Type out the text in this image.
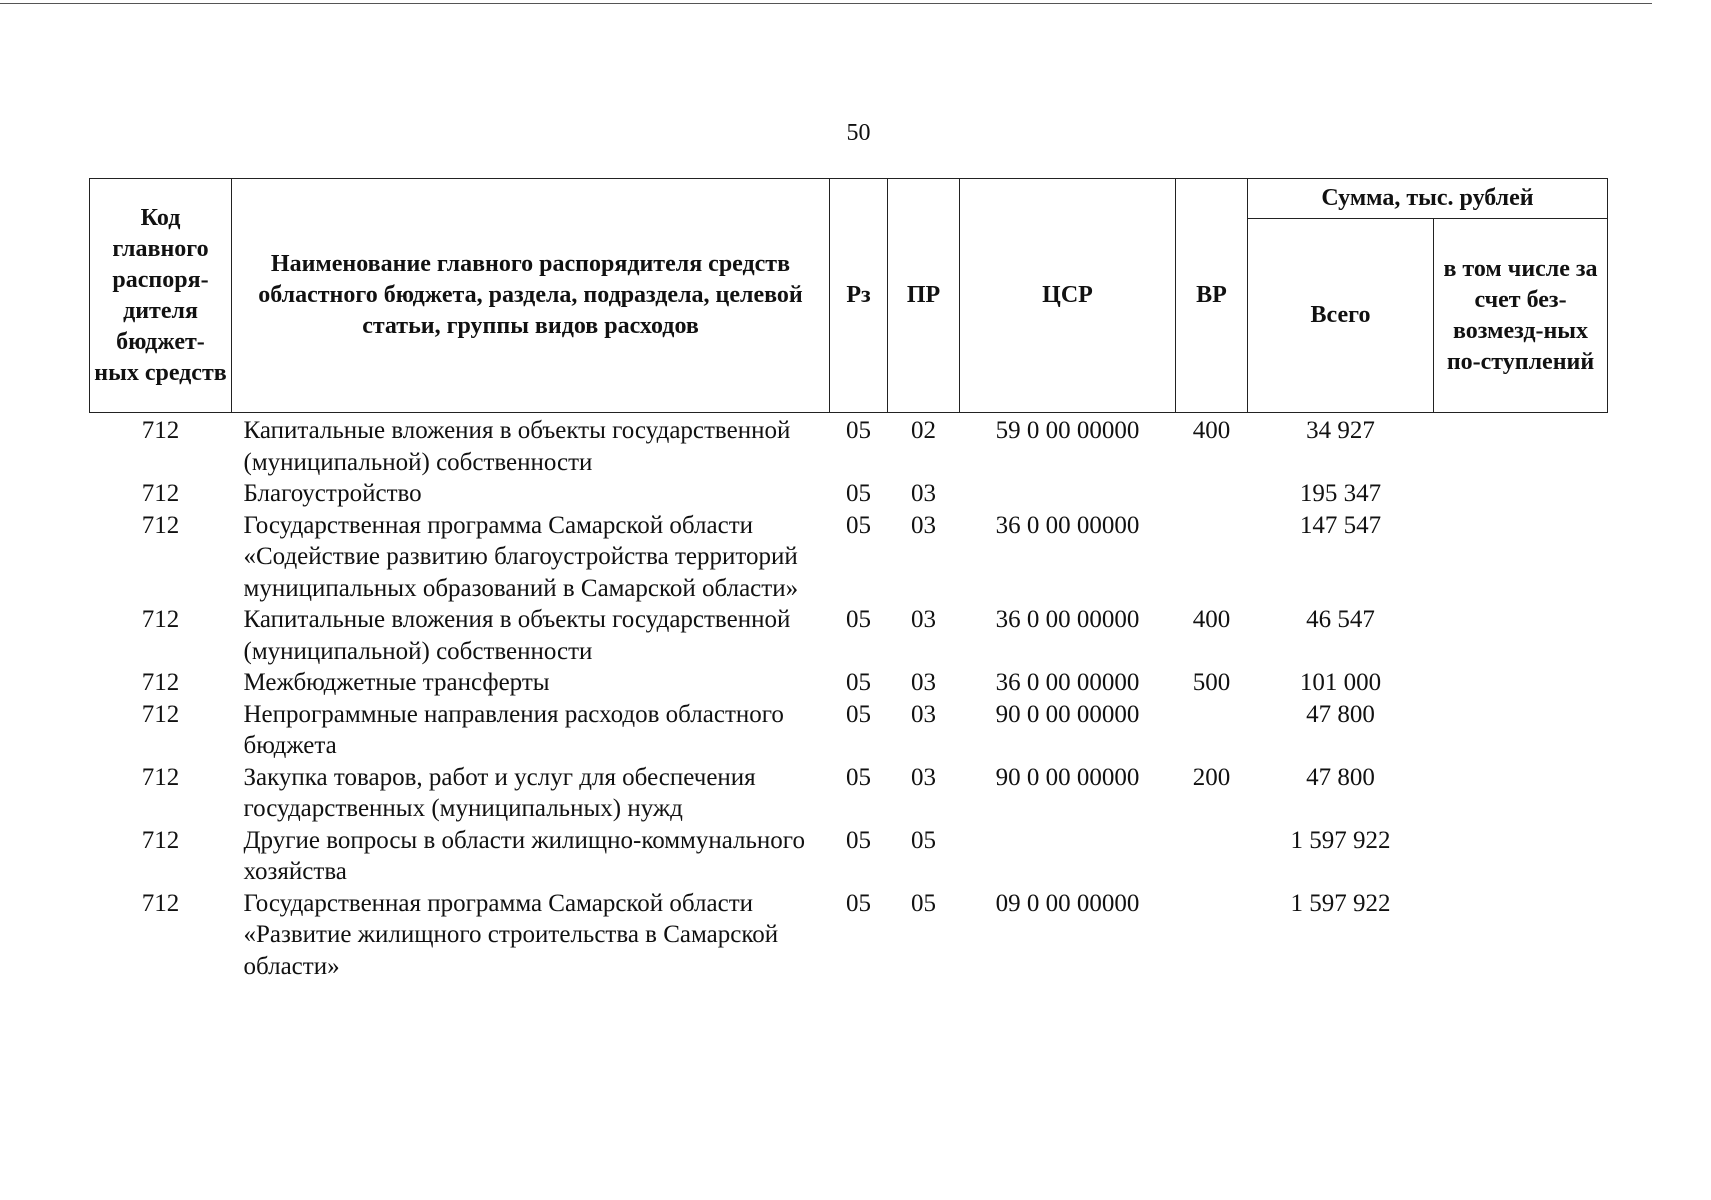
50
Код главного распоря-дителя бюджет-ных средств	Наименование главного распорядителя средств областного бюджета, раздела, подраздела, целевой статьи, группы видов расходов	Рз	ПР	ЦСР	ВР	Сумма, тыс. рублей	
						Всего	в том числе за счет без-возмезд-ных по-ступлений
712	Капитальные вложения в объекты государственной (муниципальной) собственности	05	02	59 0 00 00000	400	34 927	
712	Благоустройство	05	03			195 347	
712	Государственная программа Самарской области «Содействие развитию благоустройства территорий муниципальных образований в Самарской области»	05	03	36 0 00 00000		147 547	
712	Капитальные вложения в объекты государственной (муниципальной) собственности	05	03	36 0 00 00000	400	46 547	
712	Межбюджетные трансферты	05	03	36 0 00 00000	500	101 000	
712	Непрограммные направления расходов областного бюджета	05	03	90 0 00 00000		47 800	
712	Закупка товаров, работ и услуг для обеспечения государственных (муниципальных) нужд	05	03	90 0 00 00000	200	47 800	
712	Другие вопросы в области жилищно-коммунального хозяйства	05	05			1 597 922	
712	Государственная программа Самарской области «Развитие жилищного строительства в Самарской области»	05	05	09 0 00 00000		1 597 922	
